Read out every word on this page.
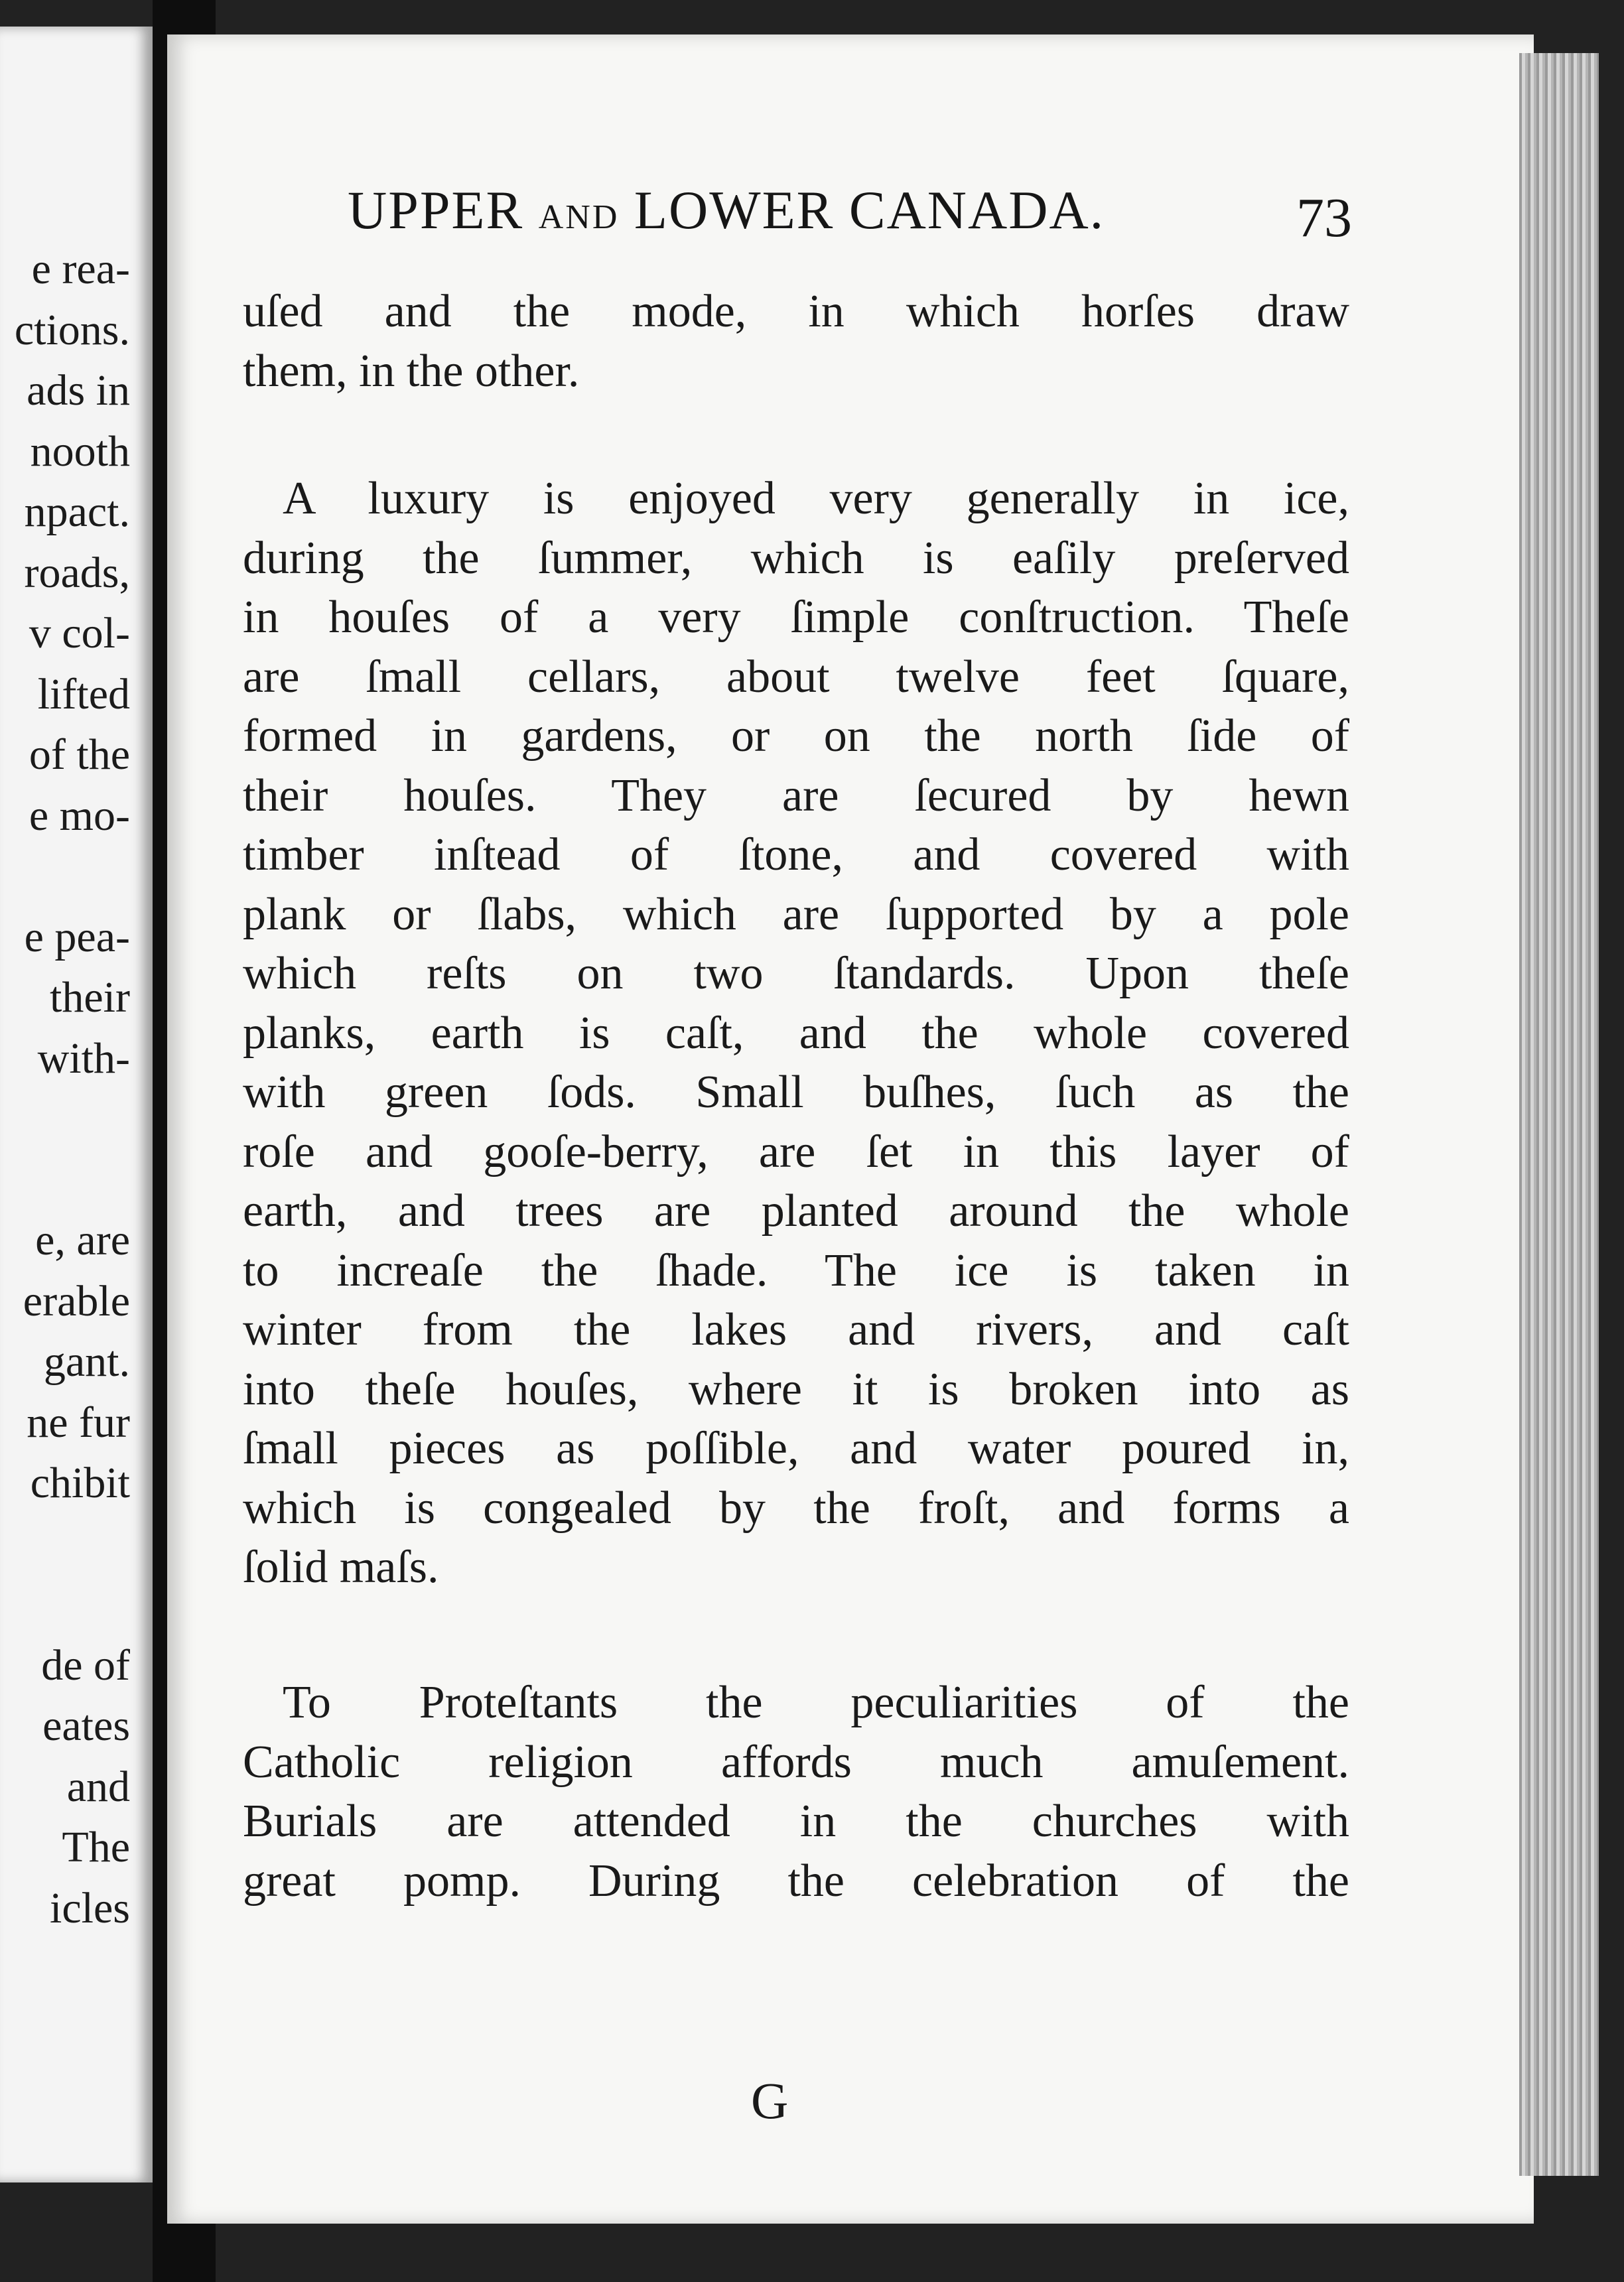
e rea-
ctions.
ads in
nooth
npact.
roads,
v col-
lifted
of the
e mo-
e pea-
their
with-
e, are
erable
gant.
ne fur
chibit
de of
eates
and
The
icles
UPPER AND LOWER CANADA.	73
uſed and the mode, in which horſes draw
them, in the other.
A luxury is enjoyed very generally in ice,
during the ſummer, which is eaſily preſerved
in houſes of a very ſimple conſtruction. Theſe
are ſmall cellars, about twelve feet ſquare,
formed in gardens, or on the north ſide of
their houſes. They are ſecured by hewn
timber inſtead of ſtone, and covered with
plank or ſlabs, which are ſupported by a pole
which reſts on two ſtandards. Upon theſe
planks, earth is caſt, and the whole covered
with green ſods. Small buſhes, ſuch as the
roſe and gooſe-berry, are ſet in this layer of
earth, and trees are planted around the whole
to increaſe the ſhade. The ice is taken in
winter from the lakes and rivers, and caſt
into theſe houſes, where it is broken into as
ſmall pieces as poſſible, and water poured in,
which is congealed by the froſt, and forms a
ſolid maſs.
To Proteſtants the peculiarities of the
Catholic religion affords much amuſement.
Burials are attended in the churches with
great pomp. During the celebration of the
G
